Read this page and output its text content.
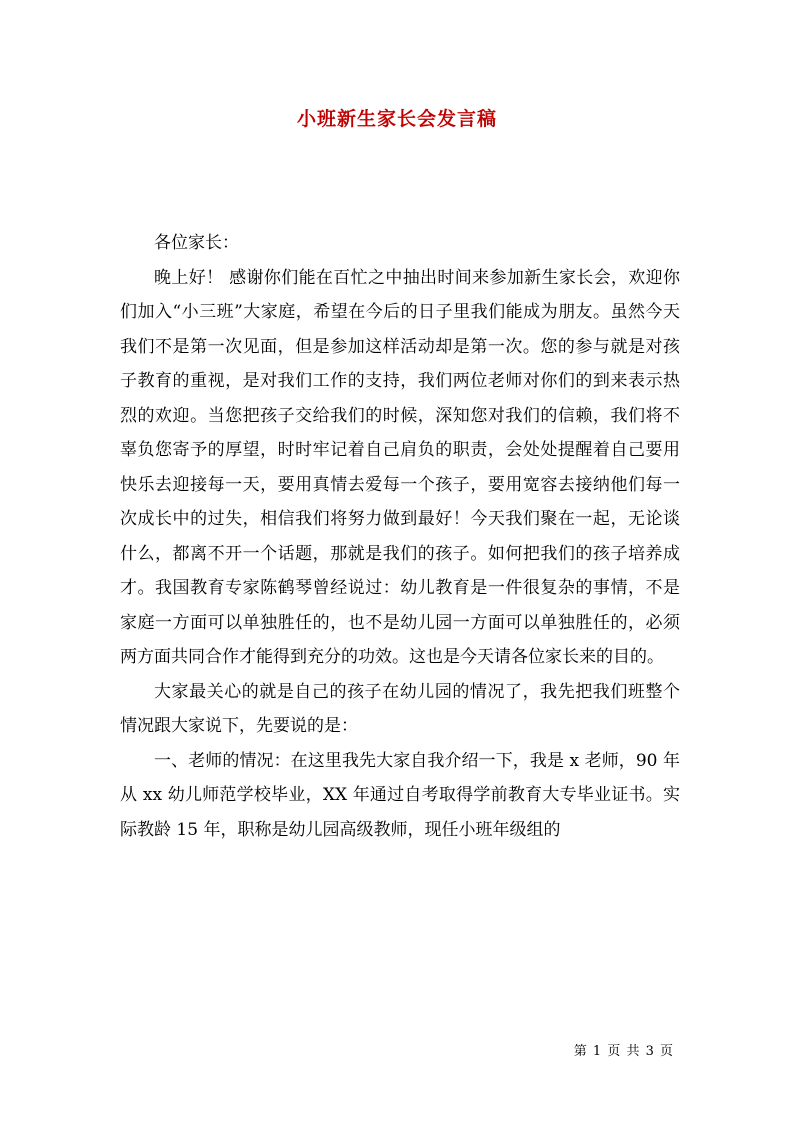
小班新生家长会发言稿

各位家长：

晚上好！ 感谢你们能在百忙之中抽出时间来参加新生家长会，欢迎你们加入“小三班”大家庭，希望在今后的日子里我们能成为朋友。虽然今天我们不是第一次见面，但是参加这样活动却是第一次。您的参与就是对孩子教育的重视，是对我们工作的支持，我们两位老师对你们的到来表示热烈的欢迎。当您把孩子交给我们的时候，深知您对我们的信赖，我们将不辜负您寄予的厚望，时时牢记着自己肩负的职责，会处处提醒着自己要用快乐去迎接每一天，要用真情去爱每一个孩子，要用宽容去接纳他们每一次成长中的过失，相信我们将努力做到最好！今天我们聚在一起，无论谈什么，都离不开一个话题，那就是我们的孩子。如何把我们的孩子培养成才。我国教育专家陈鹤琴曾经说过：幼儿教育是一件很复杂的事情，不是家庭一方面可以单独胜任的，也不是幼儿园一方面可以单独胜任的，必须两方面共同合作才能得到充分的功效。这也是今天请各位家长来的目的。

大家最关心的就是自己的孩子在幼儿园的情况了，我先把我们班整个情况跟大家说下，先要说的是：

一、老师的情况：在这里我先大家自我介绍一下，我是 x 老师，90 年从 xx 幼儿师范学校毕业，XX 年通过自考取得学前教育大专毕业证书。实际教龄 15 年，职称是幼儿园高级教师，现任小班年级组的

第 1 页 共 3 页
